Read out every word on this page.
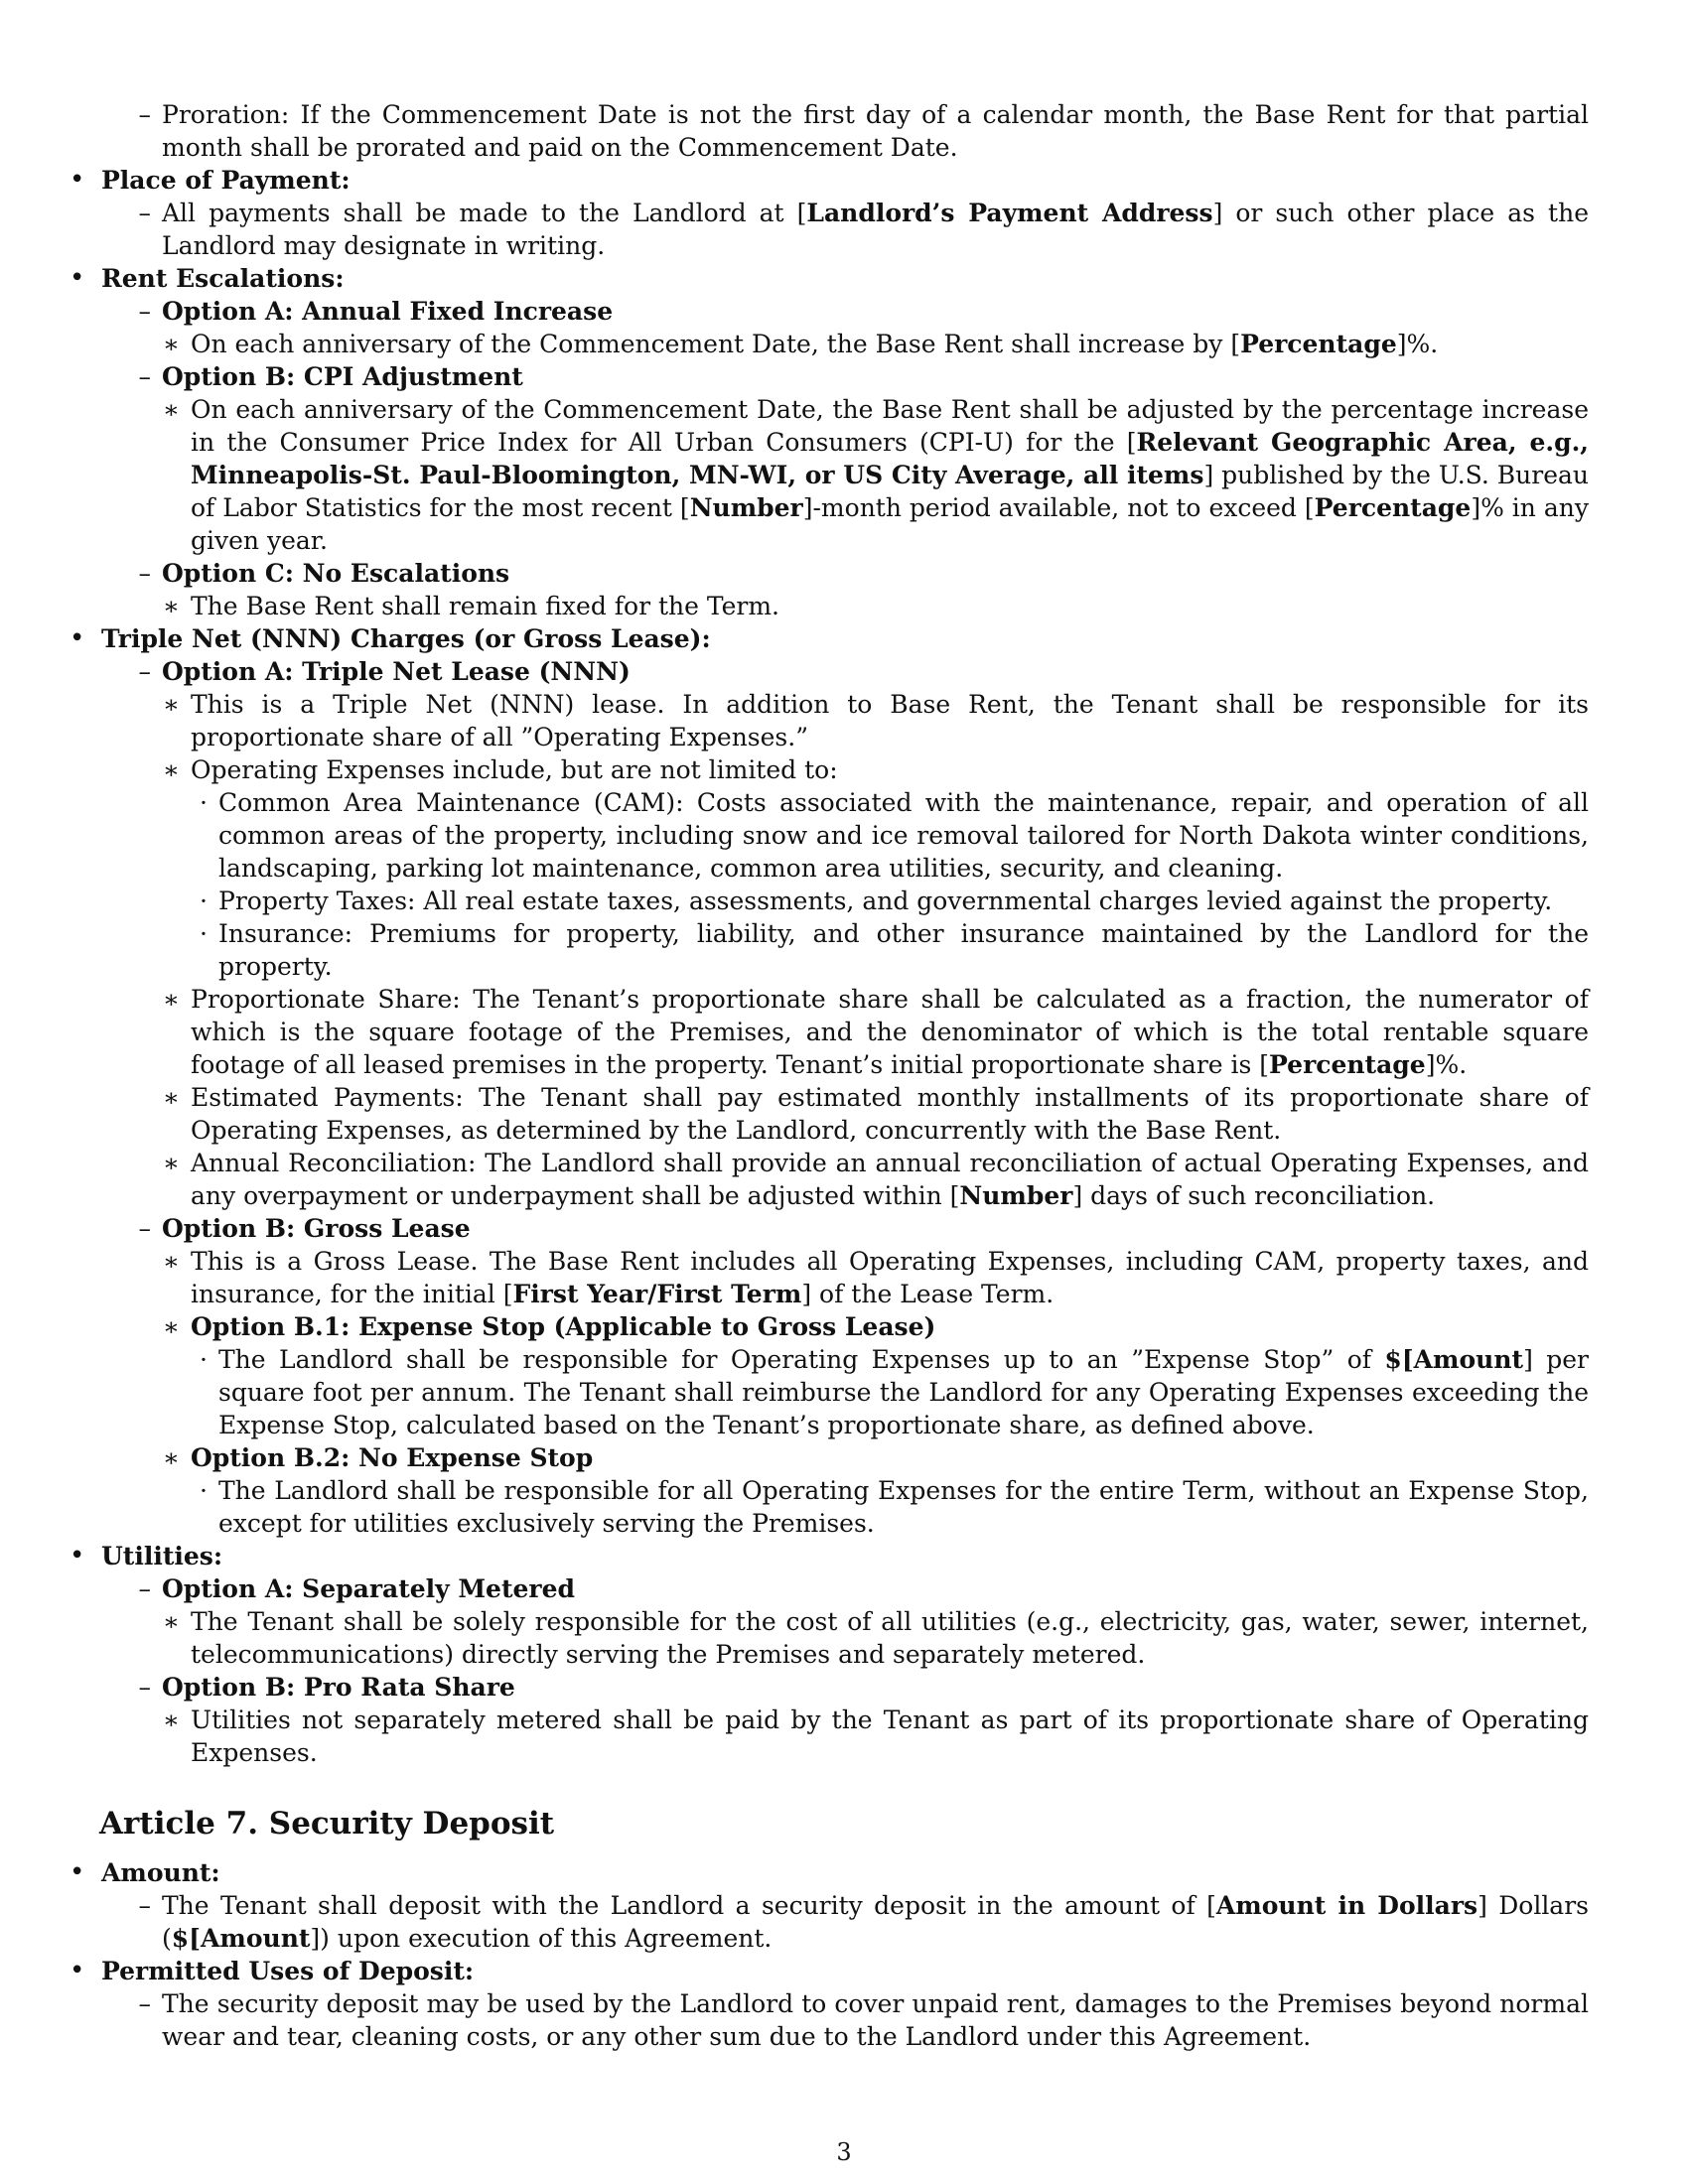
– Proration: If the Commencement Date is not the first day of a calendar month, the Base Rent for that partial month shall be prorated and paid on the Commencement Date.
• Place of Payment:
– All payments shall be made to the Landlord at [Landlord’s Payment Address] or such other place as the Landlord may designate in writing.
• Rent Escalations:
– Option A: Annual Fixed Increase
∗ On each anniversary of the Commencement Date, the Base Rent shall increase by [Percentage]%.
– Option B: CPI Adjustment
∗ On each anniversary of the Commencement Date, the Base Rent shall be adjusted by the percentage increase in the Consumer Price Index for All Urban Consumers (CPI-U) for the [Relevant Geographic Area, e.g., Minneapolis-St. Paul-Bloomington, MN-WI, or US City Average, all items] published by the U.S. Bureau of Labor Statistics for the most recent [Number]-month period available, not to exceed [Percentage]% in any given year.
– Option C: No Escalations
∗ The Base Rent shall remain fixed for the Term.
• Triple Net (NNN) Charges (or Gross Lease):
– Option A: Triple Net Lease (NNN)
∗ This is a Triple Net (NNN) lease. In addition to Base Rent, the Tenant shall be responsible for its proportionate share of all ”Operating Expenses.”
∗ Operating Expenses include, but are not limited to:
· Common Area Maintenance (CAM): Costs associated with the maintenance, repair, and operation of all common areas of the property, including snow and ice removal tailored for North Dakota winter conditions, landscaping, parking lot maintenance, common area utilities, security, and cleaning.
· Property Taxes: All real estate taxes, assessments, and governmental charges levied against the property.
· Insurance: Premiums for property, liability, and other insurance maintained by the Landlord for the property.
∗ Proportionate Share: The Tenant’s proportionate share shall be calculated as a fraction, the numerator of which is the square footage of the Premises, and the denominator of which is the total rentable square footage of all leased premises in the property. Tenant’s initial proportionate share is [Percentage]%.
∗ Estimated Payments: The Tenant shall pay estimated monthly installments of its proportionate share of Operating Expenses, as determined by the Landlord, concurrently with the Base Rent.
∗ Annual Reconciliation: The Landlord shall provide an annual reconciliation of actual Operating Expenses, and any overpayment or underpayment shall be adjusted within [Number] days of such reconciliation.
– Option B: Gross Lease
∗ This is a Gross Lease. The Base Rent includes all Operating Expenses, including CAM, property taxes, and insurance, for the initial [First Year/First Term] of the Lease Term.
∗ Option B.1: Expense Stop (Applicable to Gross Lease)
· The Landlord shall be responsible for Operating Expenses up to an ”Expense Stop” of $[Amount] per square foot per annum. The Tenant shall reimburse the Landlord for any Operating Expenses exceeding the Expense Stop, calculated based on the Tenant’s proportionate share, as defined above.
∗ Option B.2: No Expense Stop
· The Landlord shall be responsible for all Operating Expenses for the entire Term, without an Expense Stop, except for utilities exclusively serving the Premises.
• Utilities:
– Option A: Separately Metered
∗ The Tenant shall be solely responsible for the cost of all utilities (e.g., electricity, gas, water, sewer, internet, telecommunications) directly serving the Premises and separately metered.
– Option B: Pro Rata Share
∗ Utilities not separately metered shall be paid by the Tenant as part of its proportionate share of Operating Expenses.
Article 7. Security Deposit
• Amount:
– The Tenant shall deposit with the Landlord a security deposit in the amount of [Amount in Dollars] Dollars ($[Amount]) upon execution of this Agreement.
• Permitted Uses of Deposit:
– The security deposit may be used by the Landlord to cover unpaid rent, damages to the Premises beyond normal wear and tear, cleaning costs, or any other sum due to the Landlord under this Agreement.
3
